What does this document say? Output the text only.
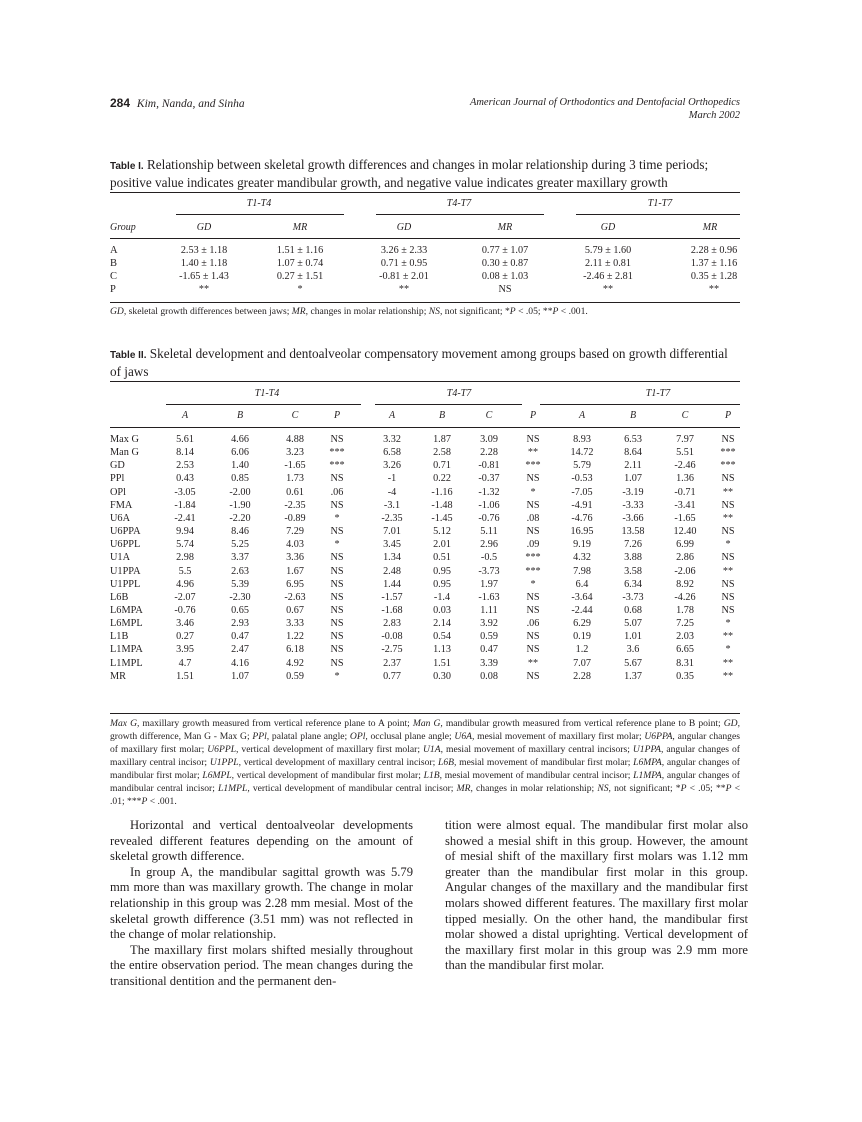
284 Kim, Nanda, and Sinha	American Journal of Orthodontics and Dentofacial Orthopedics
March 2002
Table I. Relationship between skeletal growth differences and changes in molar relationship during 3 time periods; positive value indicates greater mandibular growth, and negative value indicates greater maxillary growth
T1-T4	T4-T7	T1-T7
Group	GD	MR	GD	MR	GD	MR
A	2.53 ± 1.18	1.51 ± 1.16	3.26 ± 2.33	0.77 ± 1.07	5.79 ± 1.60	2.28 ± 0.96
B	1.40 ± 1.18	1.07 ± 0.74	0.71 ± 0.95	0.30 ± 0.87	2.11 ± 0.81	1.37 ± 1.16
C	-1.65 ± 1.43	0.27 ± 1.51	-0.81 ± 2.01	0.08 ± 1.03	-2.46 ± 2.81	0.35 ± 1.28
P	**	*	**	NS	**	**
GD, skeletal growth differences between jaws; MR, changes in molar relationship; NS, not significant; *P < .05; **P < .001.
Table II. Skeletal development and dentoalveolar compensatory movement among groups based on growth differential of jaws
T1-T4	T4-T7	T1-T7
A	B	C	P	A	B	C	P	A	B	C	P
Max G	5.61	4.66	4.88	NS	3.32	1.87	3.09	NS	8.93	6.53	7.97	NS
Man G	8.14	6.06	3.23	***	6.58	2.58	2.28	**	14.72	8.64	5.51	***
GD	2.53	1.40	-1.65	***	3.26	0.71	-0.81	***	5.79	2.11	-2.46	***
PPl	0.43	0.85	1.73	NS	-1	0.22	-0.37	NS	-0.53	1.07	1.36	NS
OPl	-3.05	-2.00	0.61	.06	-4	-1.16	-1.32	*	-7.05	-3.19	-0.71	**
FMA	-1.84	-1.90	-2.35	NS	-3.1	-1.48	-1.06	NS	-4.91	-3.33	-3.41	NS
U6A	-2.41	-2.20	-0.89	*	-2.35	-1.45	-0.76	.08	-4.76	-3.66	-1.65	**
U6PPA	9.94	8.46	7.29	NS	7.01	5.12	5.11	NS	16.95	13.58	12.40	NS
U6PPL	5.74	5.25	4.03	*	3.45	2.01	2.96	.09	9.19	7.26	6.99	*
U1A	2.98	3.37	3.36	NS	1.34	0.51	-0.5	***	4.32	3.88	2.86	NS
U1PPA	5.5	2.63	1.67	NS	2.48	0.95	-3.73	***	7.98	3.58	-2.06	**
U1PPL	4.96	5.39	6.95	NS	1.44	0.95	1.97	*	6.4	6.34	8.92	NS
L6B	-2.07	-2.30	-2.63	NS	-1.57	-1.4	-1.63	NS	-3.64	-3.73	-4.26	NS
L6MPA	-0.76	0.65	0.67	NS	-1.68	0.03	1.11	NS	-2.44	0.68	1.78	NS
L6MPL	3.46	2.93	3.33	NS	2.83	2.14	3.92	.06	6.29	5.07	7.25	*
L1B	0.27	0.47	1.22	NS	-0.08	0.54	0.59	NS	0.19	1.01	2.03	**
L1MPA	3.95	2.47	6.18	NS	-2.75	1.13	0.47	NS	1.2	3.6	6.65	*
L1MPL	4.7	4.16	4.92	NS	2.37	1.51	3.39	**	7.07	5.67	8.31	**
MR	1.51	1.07	0.59	*	0.77	0.30	0.08	NS	2.28	1.37	0.35	**
Max G, maxillary growth measured from vertical reference plane to A point; Man G, mandibular growth measured from vertical reference plane to B point; GD, growth difference, Man G - Max G; PPl, palatal plane angle; OPl, occlusal plane angle; U6A, mesial movement of maxillary first molar; U6PPA, angular changes of maxillary first molar; U6PPL, vertical development of maxillary first molar; U1A, mesial movement of maxillary central incisors; U1PPA, angular changes of maxillary central incisor; U1PPL, vertical development of maxillary central incisor; L6B, mesial movement of mandibular first molar; L6MPA, angular changes of mandibular first molar; L6MPL, vertical development of mandibular first molar; L1B, mesial movement of mandibular central incisor; L1MPA, angular changes of mandibular central incisor; L1MPL, vertical development of mandibular central incisor; MR, changes in molar relationship; NS, not significant; *P < .05; **P < .01; ***P < .001.

Horizontal and vertical dentoalveolar developments revealed different features depending on the amount of skeletal growth difference.

In group A, the mandibular sagittal growth was 5.79 mm more than was maxillary growth. The change in molar relationship in this group was 2.28 mm mesial. Most of the skeletal growth difference (3.51 mm) was not reflected in the change of molar relationship.

The maxillary first molars shifted mesially throughout the entire observation period. The mean changes during the transitional dentition and the permanent den-

tition were almost equal. The mandibular first molar also showed a mesial shift in this group. However, the amount of mesial shift of the maxillary first molars was 1.12 mm greater than the mandibular first molar in this group. Angular changes of the maxillary and the mandibular first molars showed different features. The maxillary first molar tipped mesially. On the other hand, the mandibular first molar showed a distal uprighting. Vertical development of the maxillary first molar in this group was 2.9 mm more than the mandibular first molar.
